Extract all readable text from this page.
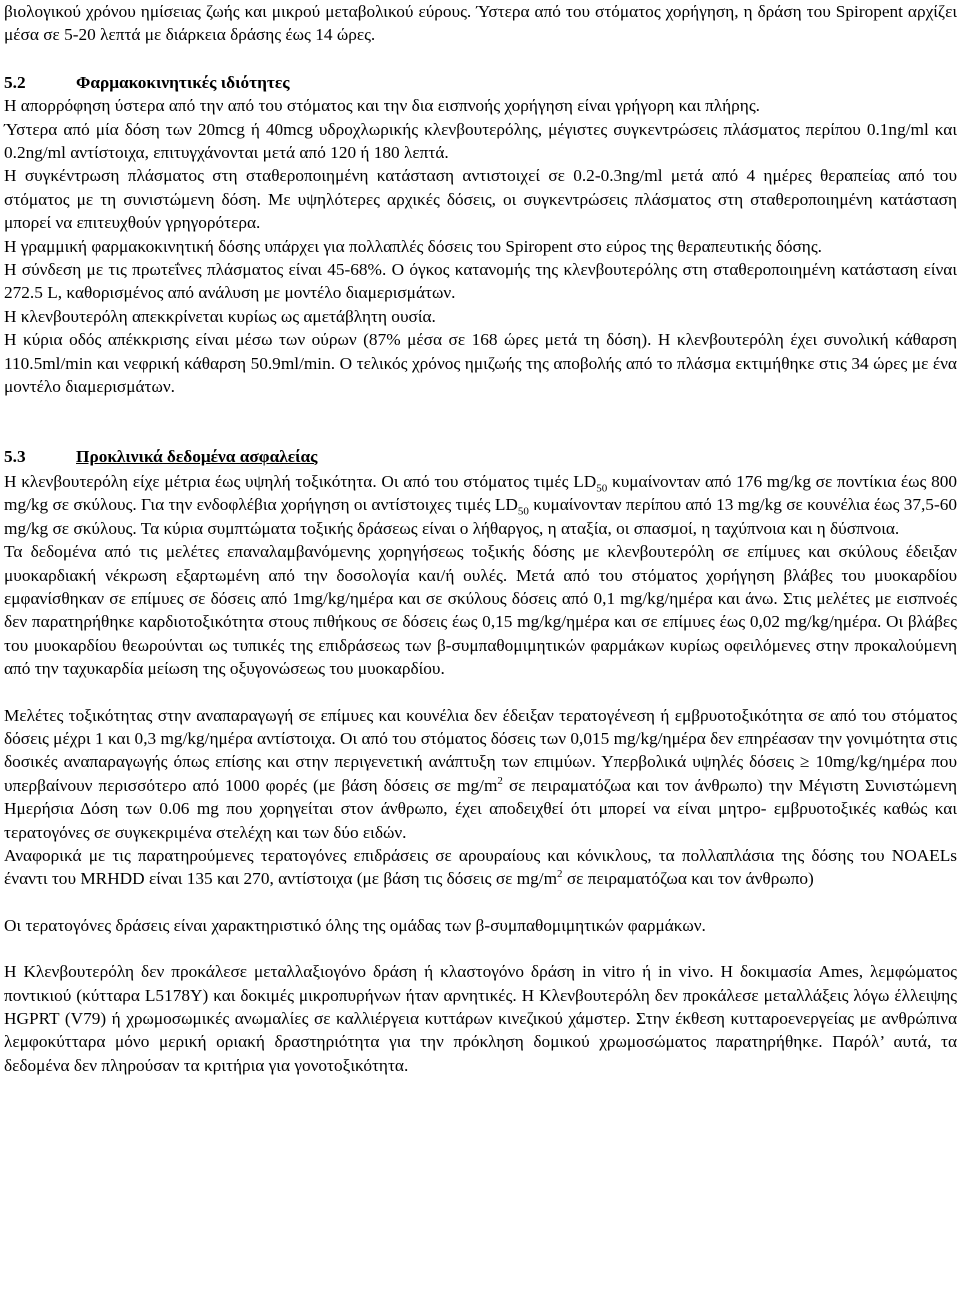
βιολογικού χρόνου ημίσειας ζωής και μικρού μεταβολικού εύρους. Ύστερα από του στόματος χορήγηση, η δράση του Spiropent αρχίζει μέσα σε 5-20 λεπτά με διάρκεια δράσης έως 14 ώρες.

5.2	Φαρμακοκινητικές ιδιότητες

Η απορρόφηση ύστερα από την από του στόματος και την δια εισπνοής χορήγηση είναι γρήγορη και πλήρης.

Ύστερα από μία δόση των 20mcg ή 40mcg υδροχλωρικής κλενβουτερόλης, μέγιστες συγκεντρώσεις πλάσματος περίπου 0.1ng/ml και 0.2ng/ml αντίστοιχα, επιτυγχάνονται μετά από 120 ή 180 λεπτά.

Η συγκέντρωση πλάσματος στη σταθεροποιημένη κατάσταση αντιστοιχεί σε 0.2-0.3ng/ml μετά από 4 ημέρες θεραπείας από του στόματος με τη συνιστώμενη δόση. Με υψηλότερες αρχικές δόσεις, οι συγκεντρώσεις πλάσματος στη σταθεροποιημένη κατάσταση μπορεί να επιτευχθούν γρηγορότερα.

Η γραμμική φαρμακοκινητική δόσης υπάρχει για πολλαπλές δόσεις του Spiropent στο εύρος της θεραπευτικής δόσης.

Η σύνδεση με τις πρωτεΐνες πλάσματος είναι 45-68%. Ο όγκος κατανομής της κλενβουτερόλης στη σταθεροποιημένη κατάσταση είναι 272.5 L, καθορισμένος από ανάλυση με μοντέλο διαμερισμάτων.

Η κλενβουτερόλη απεκκρίνεται κυρίως ως αμετάβλητη ουσία.

Η κύρια οδός απέκκρισης είναι μέσω των ούρων (87% μέσα σε 168 ώρες μετά τη δόση). Η κλενβουτερόλη έχει συνολική κάθαρση 110.5ml/min και νεφρική κάθαρση 50.9ml/min. Ο τελικός χρόνος ημιζωής της αποβολής από το πλάσμα εκτιμήθηκε στις 34 ώρες με ένα μοντέλο διαμερισμάτων.

5.3	Προκλινικά δεδομένα ασφαλείας

Η κλενβουτερόλη είχε μέτρια έως υψηλή τοξικότητα. Οι από του στόματος τιμές $LD_{50}$ κυμαίνονταν από 176 mg/kg σε ποντίκια έως 800 mg/kg σε σκύλους. Για την ενδοφλέβια χορήγηση οι αντίστοιχες τιμές $LD_{50}$ κυμαίνονταν περίπου από 13 mg/kg σε κουνέλια έως 37,5-60 mg/kg σε σκύλους. Τα κύρια συμπτώματα τοξικής δράσεως είναι ο λήθαργος, η αταξία, οι σπασμοί, η ταχύπνοια και η δύσπνοια.

Τα δεδομένα από τις μελέτες επαναλαμβανόμενης χορηγήσεως τοξικής δόσης με κλενβουτερόλη σε επίμυες και σκύλους έδειξαν μυοκαρδιακή νέκρωση εξαρτωμένη από την δοσολογία και/ή ουλές. Μετά από του στόματος χορήγηση βλάβες του μυοκαρδίου εμφανίσθηκαν σε επίμυες σε δόσεις από 1mg/kg/ημέρα και σε σκύλους δόσεις από 0,1 mg/kg/ημέρα και άνω. Στις μελέτες με εισπνοές δεν παρατηρήθηκε καρδιοτοξικότητα στους πιθήκους σε δόσεις έως 0,15 mg/kg/ημέρα και σε επίμυες έως 0,02 mg/kg/ημέρα. Οι βλάβες του μυοκαρδίου θεωρούνται ως τυπικές της επιδράσεως των β-συμπαθομιμητικών φαρμάκων κυρίως οφειλόμενες στην προκαλούμενη από την ταχυκαρδία μείωση της οξυγονώσεως του μυοκαρδίου.

Μελέτες τοξικότητας στην αναπαραγωγή σε επίμυες και κουνέλια δεν έδειξαν τερατογένεση ή εμβρυοτοξικότητα σε από του στόματος δόσεις μέχρι 1 και 0,3 mg/kg/ημέρα αντίστοιχα. Οι από του στόματος δόσεις των 0,015 mg/kg/ημέρα δεν επηρέασαν την γονιμότητα στις δοσικές αναπαραγωγής όπως επίσης και στην περιγενετική ανάπτυξη των επιμύων. Υπερβολικά υψηλές δόσεις ≥ 10mg/kg/ημέρα που υπερβαίνουν περισσότερο από 1000 φορές (με βάση δόσεις σε $mg/m^2$ σε πειραματόζωα και τον άνθρωπο) την Μέγιστη Συνιστώμενη Ημερήσια Δόση των 0.06 mg που χορηγείται στον άνθρωπο, έχει αποδειχθεί ότι μπορεί να είναι μητρο- εμβρυοτοξικές καθώς και τερατογόνες σε συγκεκριμένα στελέχη και των δύο ειδών.

Αναφορικά με τις παρατηρούμενες τερατογόνες επιδράσεις σε αρουραίους και κόνικλους, τα πολλαπλάσια της δόσης του NOAELs έναντι του MRHDD είναι 135 και 270, αντίστοιχα (με βάση τις δόσεις σε $mg/m^2$ σε πειραματόζωα και τον άνθρωπο)

Οι τερατογόνες δράσεις είναι χαρακτηριστικό όλης της ομάδας των β-συμπαθομιμητικών φαρμάκων.

Η Κλενβουτερόλη δεν προκάλεσε μεταλλαξιογόνο δράση ή κλαστογόνο δράση in vitro ή in vivo. Η δοκιμασία Ames, λεμφώματος ποντικιού (κύτταρα L5178Y) και δοκιμές μικροπυρήνων ήταν αρνητικές. Η Κλενβουτερόλη δεν προκάλεσε μεταλλάξεις λόγω έλλειψης HGPRT (V79) ή χρωμοσωμικές ανωμαλίες σε καλλιέργεια κυττάρων κινεζικού χάμστερ. Στην έκθεση κυτταροενεργείας με ανθρώπινα λεμφοκύτταρα μόνο μερική οριακή δραστηριότητα για την πρόκληση δομικού χρωμοσώματος παρατηρήθηκε. Παρόλ’ αυτά, τα δεδομένα δεν πληρούσαν τα κριτήρια για γονοτοξικότητα.
